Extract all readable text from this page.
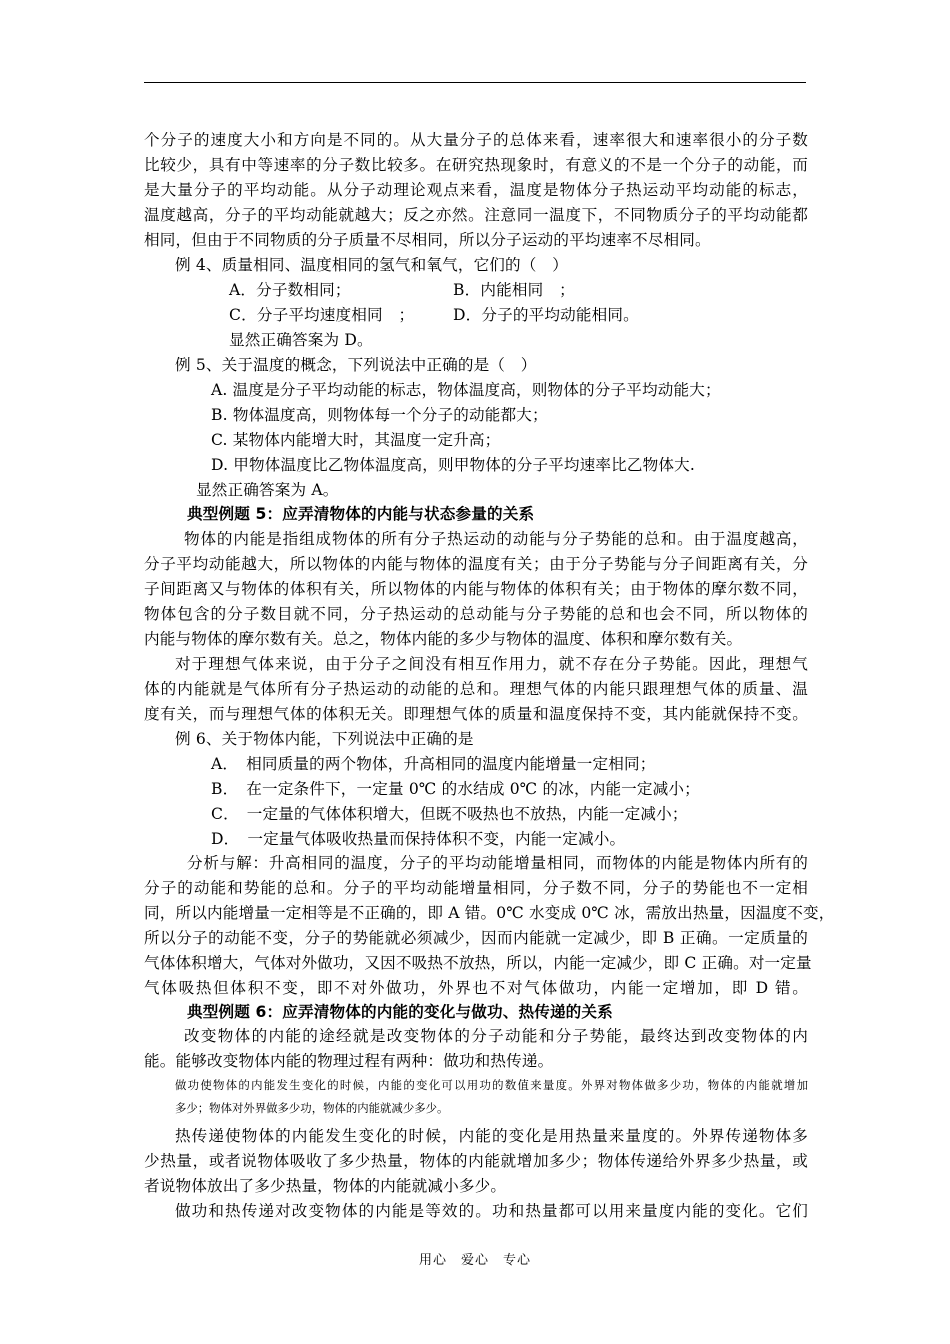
个分子的速度大小和方向是不同的。从大量分子的总体来看，速率很大和速率很小的分子数
比较少，具有中等速率的分子数比较多。在研究热现象时，有意义的不是一个分子的动能，而
是大量分子的平均动能。从分子动理论观点来看，温度是物体分子热运动平均动能的标志，
温度越高，分子的平均动能就越大；反之亦然。注意同一温度下，不同物质分子的平均动能都
相同，但由于不同物质的分子质量不尽相同，所以分子运动的平均速率不尽相同。
例 4、质量相同、温度相同的氢气和氧气，它们的（　）
A．分子数相同；	B．内能相同　；
C．分子平均速度相同　； D．分子的平均动能相同。
显然正确答案为 D。
例 5、关于温度的概念，下列说法中正确的是（　）
A. 温度是分子平均动能的标志，物体温度高，则物体的分子平均动能大；
B. 物体温度高，则物体每一个分子的动能都大；
C. 某物体内能增大时，其温度一定升高；
D. 甲物体温度比乙物体温度高，则甲物体的分子平均速率比乙物体大.
显然正确答案为 A。
典型例题 5：应弄清物体的内能与状态参量的关系
物体的内能是指组成物体的所有分子热运动的动能与分子势能的总和。由于温度越高，
分子平均动能越大，所以物体的内能与物体的温度有关；由于分子势能与分子间距离有关，分
子间距离又与物体的体积有关，所以物体的内能与物体的体积有关；由于物体的摩尔数不同，
物体包含的分子数目就不同，分子热运动的总动能与分子势能的总和也会不同，所以物体的
内能与物体的摩尔数有关。总之，物体内能的多少与物体的温度、体积和摩尔数有关。
对于理想气体来说，由于分子之间没有相互作用力，就不存在分子势能。因此，理想气
体的内能就是气体所有分子热运动的动能的总和。理想气体的内能只跟理想气体的质量、温
度有关，而与理想气体的体积无关。即理想气体的质量和温度保持不变，其内能就保持不变。
例 6、关于物体内能，下列说法中正确的是
A．　相同质量的两个物体，升高相同的温度内能增量一定相同；
B．　在一定条件下，一定量 0℃ 的水结成 0℃ 的冰，内能一定减小；
C．　一定量的气体体积增大，但既不吸热也不放热，内能一定减小；
D．　一定量气体吸收热量而保持体积不变，内能一定减小。
分析与解：升高相同的温度，分子的平均动能增量相同，而物体的内能是物体内所有的
分子的动能和势能的总和。分子的平均动能增量相同，分子数不同，分子的势能也不一定相
同，所以内能增量一定相等是不正确的，即 A 错。0℃ 水变成 0℃ 冰，需放出热量，因温度不变，
所以分子的动能不变，分子的势能就必须减少，因而内能就一定减少，即 B 正确。一定质量的
气体体积增大，气体对外做功，又因不吸热不放热，所以，内能一定减少，即 C 正确。对一定量
气体吸热但体积不变，即不对外做功，外界也不对气体做功，内能一定增加，即 D 错。
典型例题 6：应弄清物体的内能的变化与做功、热传递的关系
改变物体的内能的途经就是改变物体的分子动能和分子势能，最终达到改变物体的内
能。能够改变物体内能的物理过程有两种：做功和热传递。
做功使物体的内能发生变化的时候，内能的变化可以用功的数值来量度。外界对物体做多少功，物体的内能就增加
多少；物体对外界做多少功，物体的内能就减少多少。
热传递使物体的内能发生变化的时候，内能的变化是用热量来量度的。外界传递物体多
少热量，或者说物体吸收了多少热量，物体的内能就增加多少；物体传递给外界多少热量，或
者说物体放出了多少热量，物体的内能就减小多少。
做功和热传递对改变物体的内能是等效的。功和热量都可以用来量度内能的变化。它们
用心　爱心　专心
